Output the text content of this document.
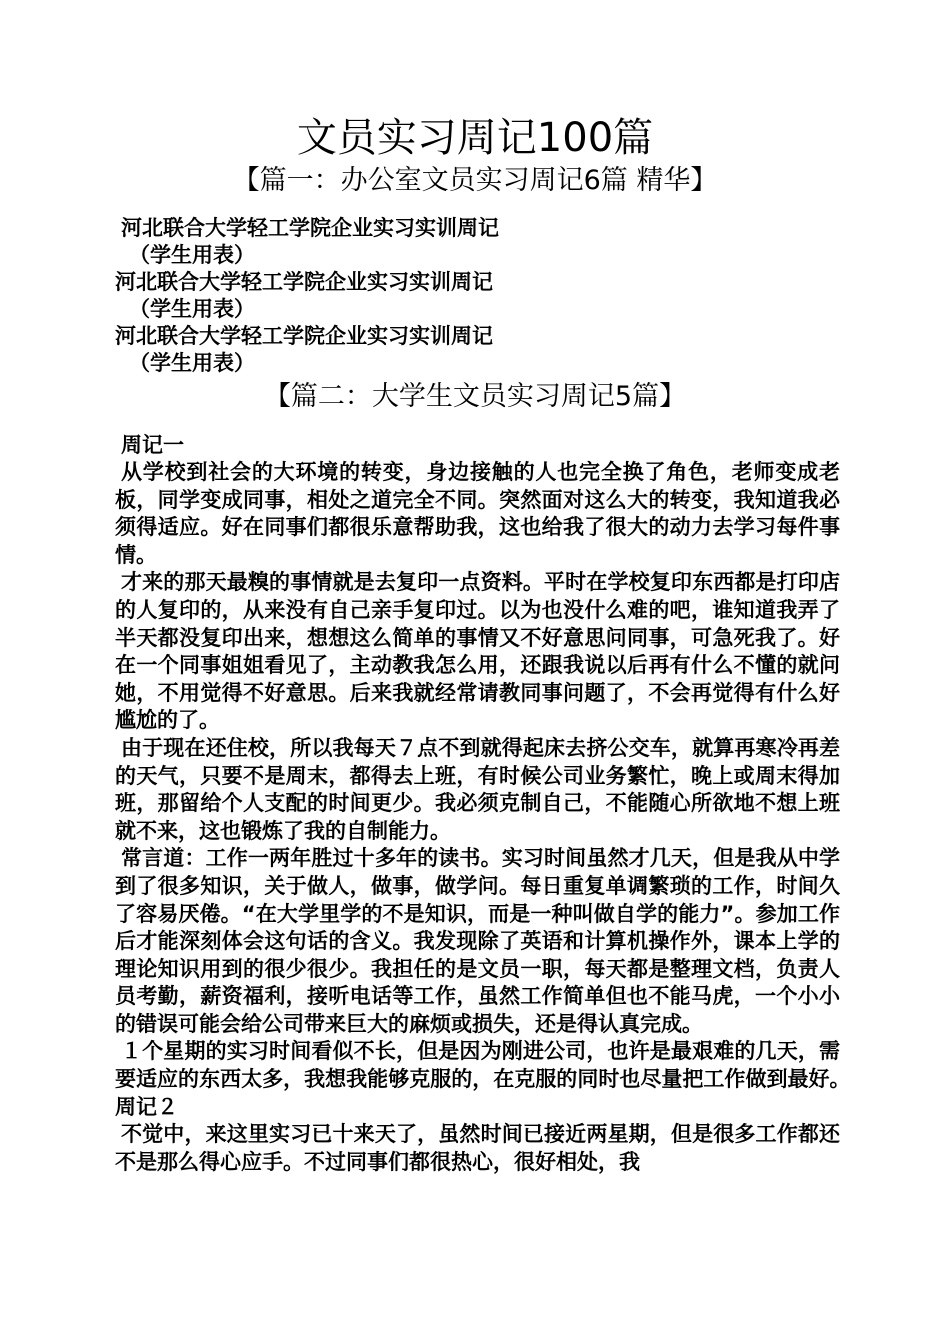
文员实习周记100篇
【篇一：办公室文员实习周记6篇 精华】
河北联合大学轻工学院企业实习实训周记
（学生用表）
河北联合大学轻工学院企业实习实训周记
（学生用表）
河北联合大学轻工学院企业实习实训周记
（学生用表）
【篇二：大学生文员实习周记5篇】
周记一

从学校到社会的大环境的转变，身边接触的人也完全换了角色，老师变成老板，同学变成同事，相处之道完全不同。突然面对这么大的转变，我知道我必须得适应。好在同事们都很乐意帮助我，这也给我了很大的动力去学习每件事情。

才来的那天最糗的事情就是去复印一点资料。平时在学校复印东西都是打印店的人复印的，从来没有自己亲手复印过。以为也没什么难的吧，谁知道我弄了半天都没复印出来，想想这么简单的事情又不好意思问同事，可急死我了。好在一个同事姐姐看见了，主动教我怎么用，还跟我说以后再有什么不懂的就问她，不用觉得不好意思。后来我就经常请教同事问题了，不会再觉得有什么好尴尬的了。

由于现在还住校，所以我每天７点不到就得起床去挤公交车，就算再寒冷再差的天气，只要不是周末，都得去上班，有时候公司业务繁忙，晚上或周末得加班，那留给个人支配的时间更少。我必须克制自己，不能随心所欲地不想上班就不来，这也锻炼了我的自制能力。

常言道：工作一两年胜过十多年的读书。实习时间虽然才几天，但是我从中学到了很多知识，关于做人，做事，做学问。每日重复单调繁琐的工作，时间久了容易厌倦。“在大学里学的不是知识，而是一种叫做自学的能力”。参加工作后才能深刻体会这句话的含义。我发现除了英语和计算机操作外，课本上学的理论知识用到的很少很少。我担任的是文员一职，每天都是整理文档，负责人员考勤，薪资福利，接听电话等工作，虽然工作简单但也不能马虎，一个小小的错误可能会给公司带来巨大的麻烦或损失，还是得认真完成。

１个星期的实习时间看似不长，但是因为刚进公司，也许是最艰难的几天，需要适应的东西太多，我想我能够克服的，在克服的同时也尽量把工作做到最好。　周记２

不觉中，来这里实习已十来天了，虽然时间已接近两星期，但是很多工作都还不是那么得心应手。不过同事们都很热心，很好相处，我
